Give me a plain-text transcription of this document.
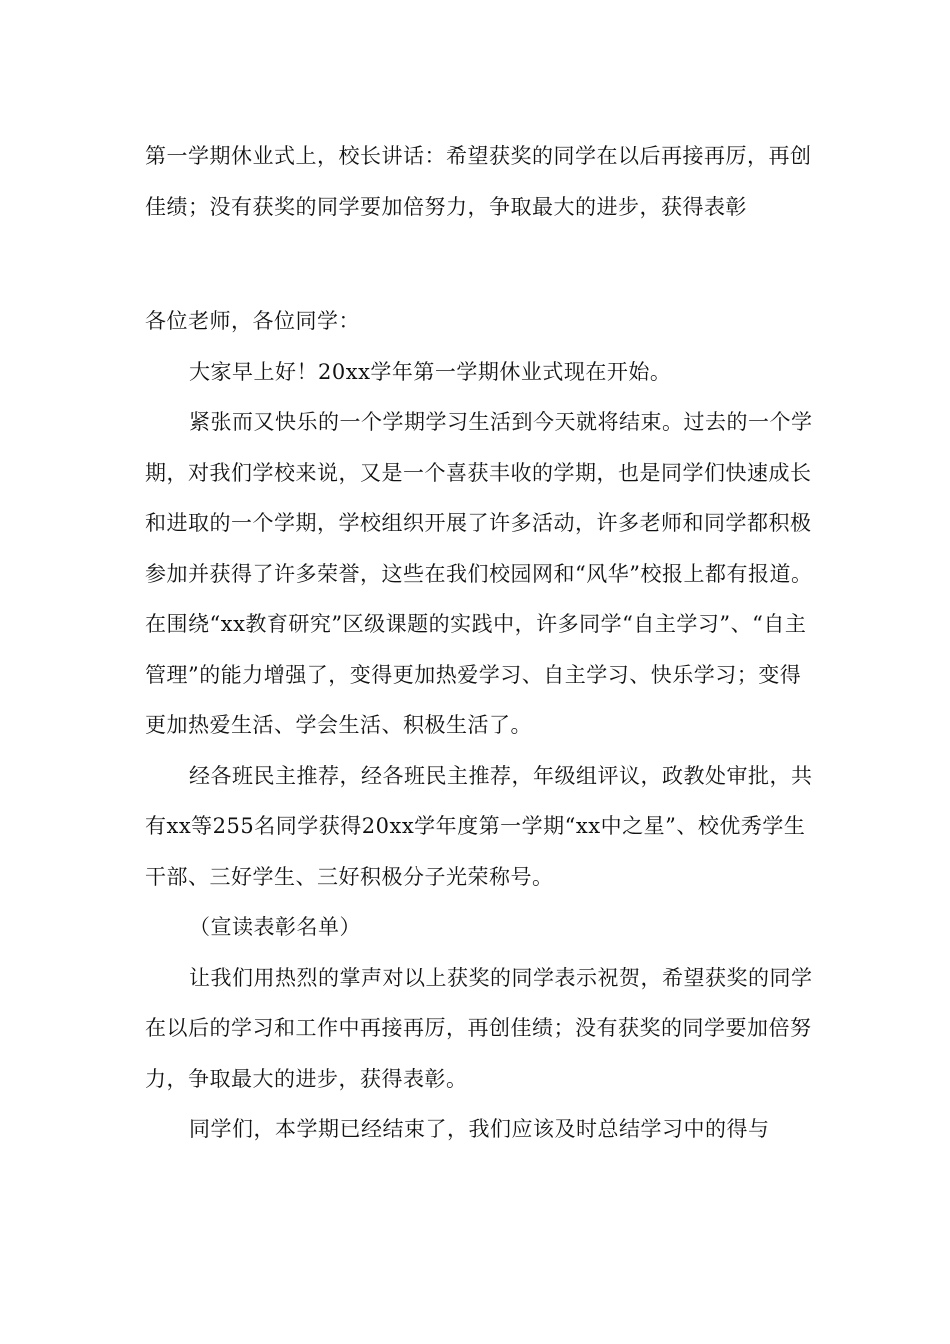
第一学期休业式上，校长讲话：希望获奖的同学在以后再接再厉，再创佳绩；没有获奖的同学要加倍努力，争取最大的进步，获得表彰

各位老师，各位同学：

大家早上好！20xx学年第一学期休业式现在开始。

紧张而又快乐的一个学期学习生活到今天就将结束。过去的一个学期，对我们学校来说，又是一个喜获丰收的学期，也是同学们快速成长和进取的一个学期，学校组织开展了许多活动，许多老师和同学都积极参加并获得了许多荣誉，这些在我们校园网和“风华”校报上都有报道。在围绕“xx教育研究”区级课题的实践中，许多同学“自主学习”、“自主管理”的能力增强了，变得更加热爱学习、自主学习、快乐学习；变得更加热爱生活、学会生活、积极生活了。

经各班民主推荐，经各班民主推荐，年级组评议，政教处审批，共有xx等255名同学获得20xx学年度第一学期“xx中之星”、校优秀学生干部、三好学生、三好积极分子光荣称号。

（宣读表彰名单）

让我们用热烈的掌声对以上获奖的同学表示祝贺，希望获奖的同学在以后的学习和工作中再接再厉，再创佳绩；没有获奖的同学要加倍努力，争取最大的进步，获得表彰。

同学们，本学期已经结束了，我们应该及时总结学习中的得与
